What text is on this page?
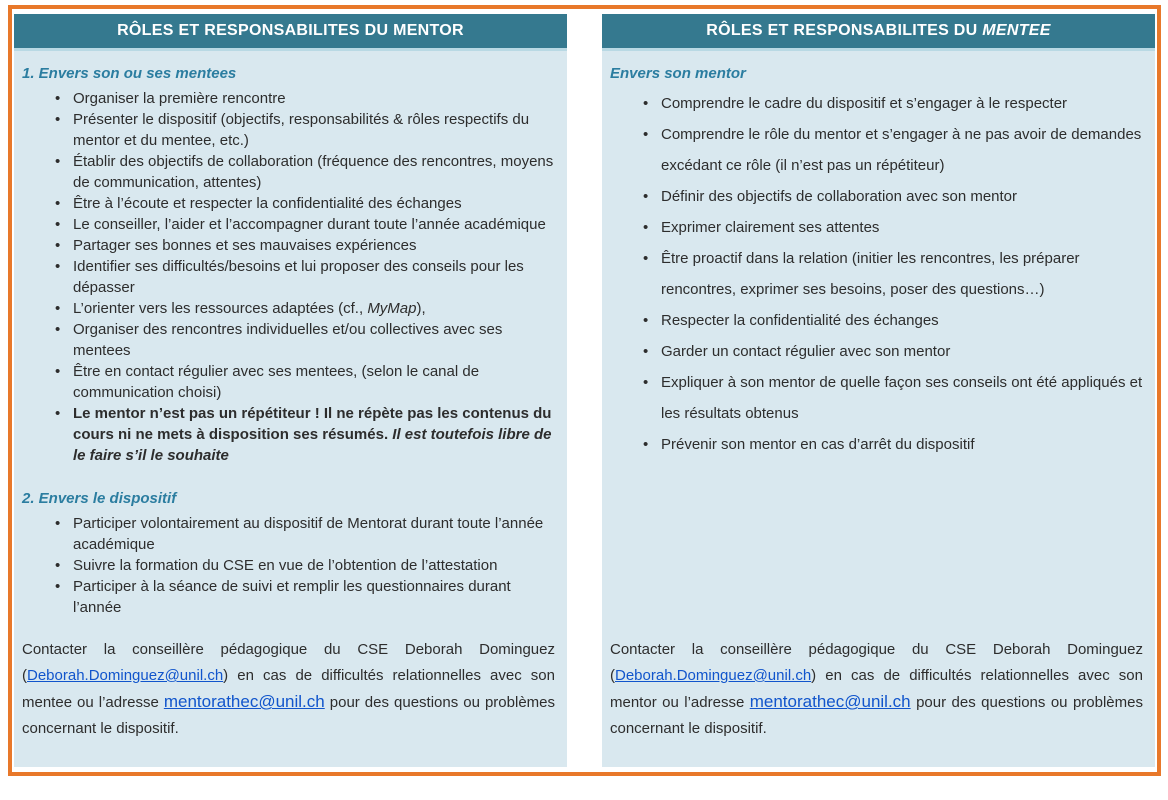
RÔLES ET RESPONSABILITES DU MENTOR
1. Envers son ou ses mentees
• Organiser la première rencontre
• Présenter le dispositif (objectifs, responsabilités & rôles respectifs du mentor et du mentee, etc.)
• Établir des objectifs de collaboration (fréquence des rencontres, moyens de communication, attentes)
• Être à l’écoute et respecter la confidentialité des échanges
• Le conseiller, l’aider et l’accompagner durant toute l’année académique
• Partager ses bonnes et ses mauvaises expériences
• Identifier ses difficultés/besoins et lui proposer des conseils pour les dépasser
• L’orienter vers les ressources adaptées (cf., MyMap),
• Organiser des rencontres individuelles et/ou collectives avec ses mentees
• Être en contact régulier avec ses mentees, (selon le canal de communication choisi)
• Le mentor n’est pas un répétiteur ! Il ne répète pas les contenus du cours ni ne mets à disposition ses résumés. Il est toutefois libre de le faire s’il le souhaite
2. Envers le dispositif
• Participer volontairement au dispositif de Mentorat durant toute l’année académique
• Suivre la formation du CSE en vue de l’obtention de l’attestation
• Participer à la séance de suivi et remplir les questionnaires durant l’année

Contacter la conseillère pédagogique du CSE Deborah Dominguez (Deborah.Dominguez@unil.ch) en cas de difficultés relationnelles avec son mentee ou l’adresse mentorathec@unil.ch pour des questions ou problèmes concernant le dispositif.

RÔLES ET RESPONSABILITES DU MENTEE
Envers son mentor
• Comprendre le cadre du dispositif et s’engager à le respecter
• Comprendre le rôle du mentor et s’engager à ne pas avoir de demandes excédant ce rôle (il n’est pas un répétiteur)
• Définir des objectifs de collaboration avec son mentor
• Exprimer clairement ses attentes
• Être proactif dans la relation (initier les rencontres, les préparer rencontres, exprimer ses besoins, poser des questions…)
• Respecter la confidentialité des échanges
• Garder un contact régulier avec son mentor
• Expliquer à son mentor de quelle façon ses conseils ont été appliqués et les résultats obtenus
• Prévenir son mentor en cas d’arrêt du dispositif

Contacter la conseillère pédagogique du CSE Deborah Dominguez (Deborah.Dominguez@unil.ch) en cas de difficultés relationnelles avec son mentor ou l’adresse mentorathec@unil.ch pour des questions ou problèmes concernant le dispositif.
